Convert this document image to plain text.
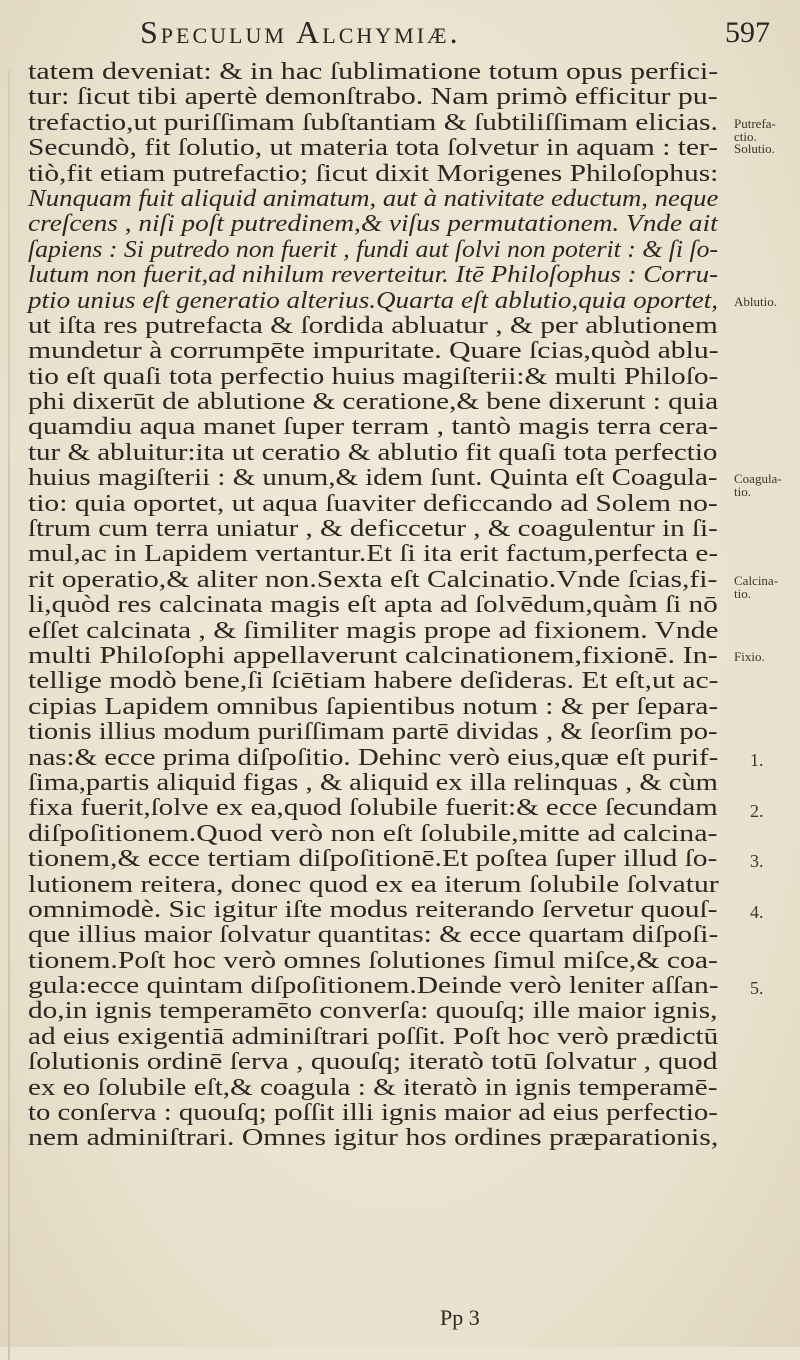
Speculum Alchymiæ.	597
tatem deveniat: & in hac ſublimatione totum opus perfici-
tur: ſicut tibi apertè demonſtrabo. Nam primò efficitur pu-
trefactio,ut puriſſimam ſubſtantiam & ſubtiliſſimam elicias.
Secundò, fit ſolutio, ut materia tota ſolvetur in aquam : ter-
tiò,fit etiam putrefactio; ſicut dixit Morigenes Philoſophus:
Nunquam fuit aliquid animatum, aut à nativitate eductum, neque
creſcens , niſi poſt putredinem,& viſus permutationem. Vnde ait
ſapiens : Si putredo non fuerit , fundi aut ſolvi non poterit : & ſi ſo-
lutum non fuerit,ad nihilum reverteitur. Itē Philoſophus : Corru-
ptio unius eſt generatio alterius.Quarta eſt ablutio,quia oportet,
ut iſta res putrefacta & ſordida abluatur , & per ablutionem
mundetur à corrumpēte impuritate. Quare ſcias,quòd ablu-
tio eſt quaſi tota perfectio huius magiſterii:& multi Philoſo-
phi dixerūt de ablutione & ceratione,& bene dixerunt : quia
quamdiu aqua manet ſuper terram , tantò magis terra cera-
tur & abluitur:ita ut ceratio & ablutio fit quaſi tota perfectio
huius magiſterii : & unum,& idem ſunt. Quinta eſt Coagula-
tio: quia oportet, ut aqua ſuaviter deficcando ad Solem no-
ſtrum cum terra uniatur , & deficcetur , & coagulentur in ſi-
mul,ac in Lapidem vertantur.Et ſi ita erit factum,perfecta e-
rit operatio,& aliter non.Sexta eſt Calcinatio.Vnde ſcias,fi-
li,quòd res calcinata magis eſt apta ad ſolvēdum,quàm ſi nō
eſſet calcinata , & ſimiliter magis prope ad fixionem. Vnde
multi Philoſophi appellaverunt calcinationem,fixionē. In-
tellige modò bene,ſi ſciētiam habere deſideras. Et eſt,ut ac-
cipias Lapidem omnibus ſapientibus notum : & per ſepara-
tionis illius modum puriſſimam partē dividas , & ſeorſim po-
nas:& ecce prima diſpoſitio. Dehinc verò eius,quæ eſt purif-
ſima,partis aliquid figas , & aliquid ex illa relinquas , & cùm
fixa fuerit,ſolve ex ea,quod ſolubile fuerit:& ecce ſecundam
diſpoſitionem.Quod verò non eſt ſolubile,mitte ad calcina-
tionem,& ecce tertiam diſpoſitionē.Et poſtea ſuper illud ſo-
lutionem reitera, donec quod ex ea iterum ſolubile ſolvatur
omnimodè. Sic igitur iſte modus reiterando ſervetur quouſ-
que illius maior ſolvatur quantitas: & ecce quartam diſpoſi-
tionem.Poſt hoc verò omnes ſolutiones ſimul miſce,& coa-
gula:ecce quintam diſpoſitionem.Deinde verò leniter aſſan-
do,in ignis temperamēto converſa: quouſq; ille maior ignis,
ad eius exigentiā adminiſtrari poſſit. Poſt hoc verò prædictū
ſolutionis ordinē ſerva , quouſq; iteratò totū ſolvatur , quod
ex eo ſolubile eſt,& coagula : & iteratò in ignis temperamē-
to conſerva : quouſq; poſſit illi ignis maior ad eius perfectio-
nem adminiſtrari. Omnes igitur hos ordines præparationis,
Putrefa-
ctio.
Solutio.
Ablutio.
Coagula-
tio.
Calcina-
tio.
Fixio.
1.
2.
3.
4.
5.
Pp 3
